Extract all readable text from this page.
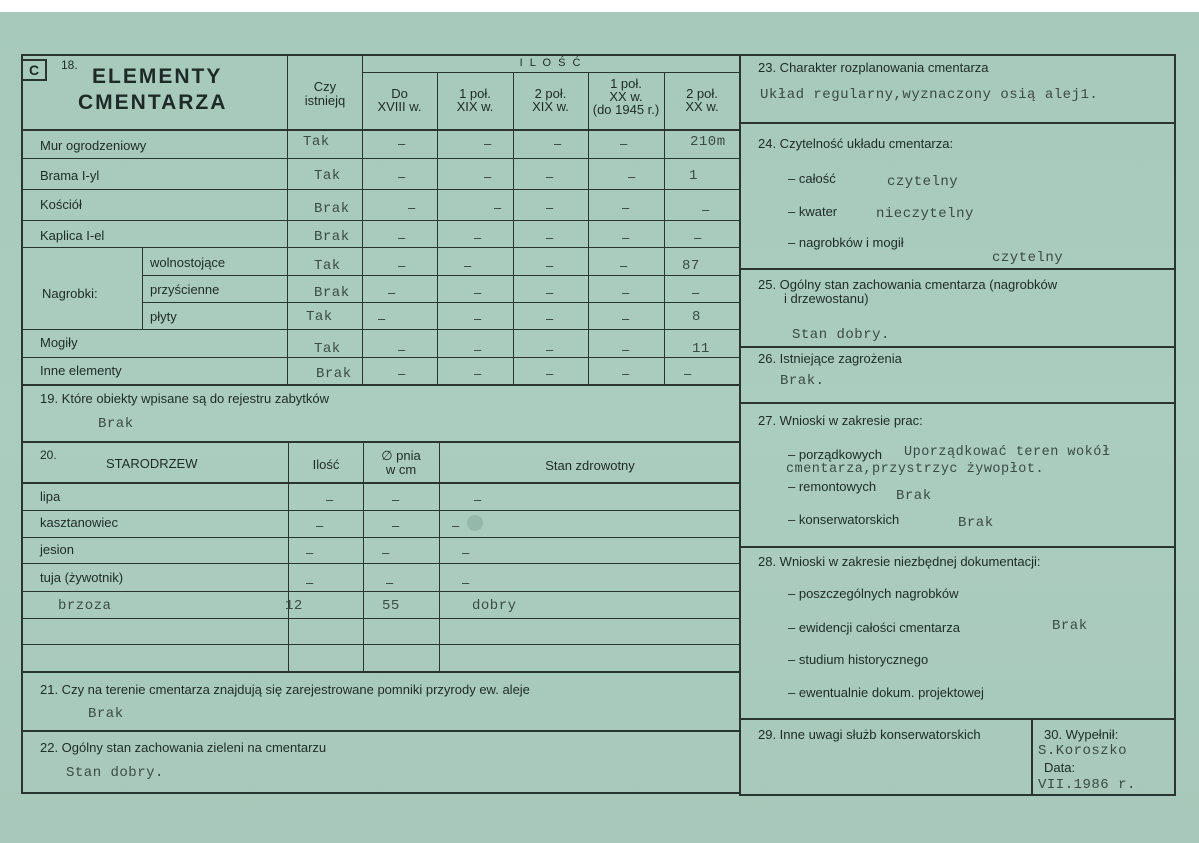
C	18. ELEMENTY
CMENTARZA
Czy
istniejq
I L O Ś Ć
Do
XVIII w.
1 poł.
XIX w.
2 poł.
XIX w.
1 poł.
XX w.
(do 1945 r.)
2 poł.
XX w.
Nagrobki:
Mur ogrodzeniowy	Tak	–	–	–	–	210m
Brama I-yl	Tak	–	–	–	–	1
Kościół	Brak	–	–	–	–	–
Kaplica I-el	Brak	–	–	–	–	–
wolnostojące	Tak	–	–	–	–	87
przyścienne	Brak	–	–	–	–	–
płyty	Tak	–	–	–	–	8
Mogiły	Tak	–	–	–	–	11
Inne elementy	Brak	–	–	–	–	–
19. Które obiekty wpisane są do rejestru zabytków
Brak
20.
STARODRZEW	Ilość
∅ pnia
w cm	Stan zdrowotny
lipa	–	–	–
kasztanowiec	–	–	–
jesion	–	–	–
tuja (żywotnik)	–	–	–
brzoza	12	55	dobry
21. Czy na terenie cmentarza znajdują się zarejestrowane pomniki przyrody ew. aleje
Brak
22. Ogólny stan zachowania zieleni na cmentarzu
Stan dobry.
23. Charakter rozplanowania cmentarza
Układ regularny,wyznaczony osią alej1.
24. Czytelność układu cmentarza:
– całość	czytelny
– kwater	nieczytelny
– nagrobków i mogił
czytelny
25. Ogólny stan zachowania cmentarza (nagrobków
i drzewostanu)
Stan dobry.
26. Istniejące zagrożenia
Brak.
27. Wnioski w zakresie prac:
– porządkowych Uporządkować teren wokół
cmentarza,przystrzyc żywopłot.
– remontowych
Brak
– konserwatorskich	Brak
28. Wnioski w zakresie niezbędnej dokumentacji:
– poszczególnych nagrobków
– ewidencji całości cmentarza	Brak
– studium historycznego
– ewentualnie dokum. projektowej
29. Inne uwagi służb konserwatorskich	30. Wypełnił:
S.Koroszko
Data:
VII.1986 r.
